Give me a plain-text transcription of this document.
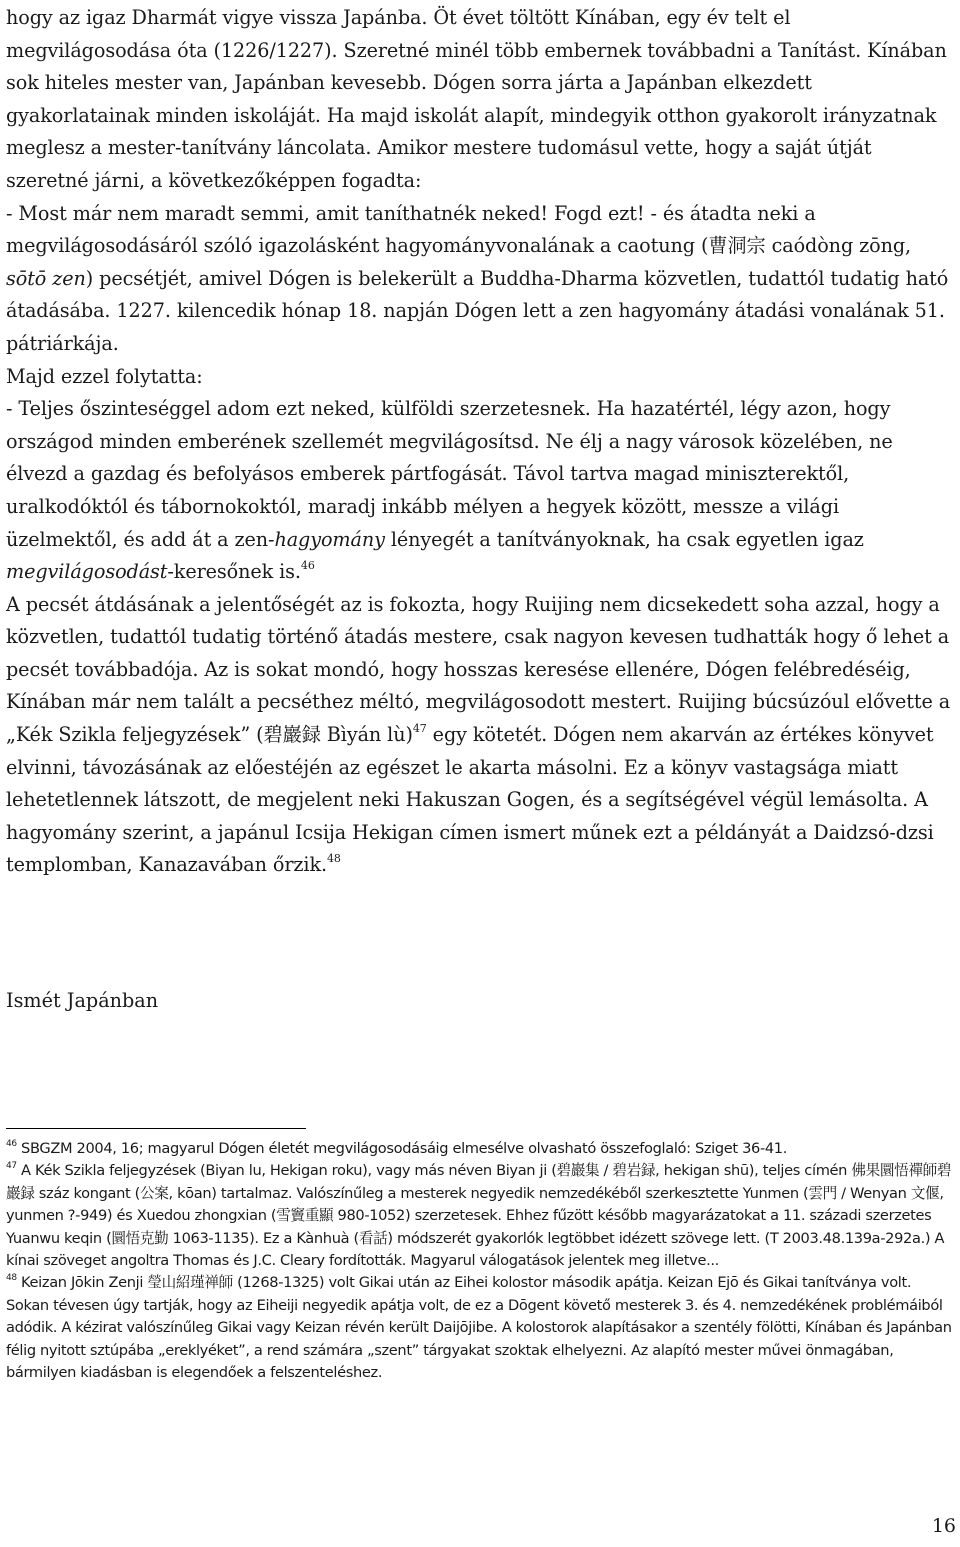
hogy az igaz Dharmát vigye vissza Japánba. Öt évet töltött Kínában, egy év telt el megvilágosodása óta (1226/1227). Szeretné minél több embernek továbbadni a Tanítást. Kínában sok hiteles mester van, Japánban kevesebb. Dógen sorra járta a Japánban elkezdett gyakorlatainak minden iskoláját. Ha majd iskolát alapít, mindegyik otthon gyakorolt irányzatnak meglesz a mester-tanítvány láncolata. Amikor mestere tudomásul vette, hogy a saját útját szeretné járni, a következőképpen fogadta:

- Most már nem maradt semmi, amit taníthatnék neked! Fogd ezt! - és átadta neki a megvilágosodásáról szóló igazolásként hagyományvonalának a caotung (曹洞宗 caódòng zōng, sōtō zen) pecsétjét, amivel Dógen is belekerült a Buddha-Dharma közvetlen, tudattól tudatig ható átadásába. 1227. kilencedik hónap 18. napján Dógen lett a zen hagyomány átadási vonalának 51. pátriárkája.

Majd ezzel folytatta:

- Teljes őszinteséggel adom ezt neked, külföldi szerzetesnek. Ha hazatértél, légy azon, hogy országod minden emberének szellemét megvilágosítsd. Ne élj a nagy városok közelében, ne élvezd a gazdag és befolyásos emberek pártfogását. Távol tartva magad miniszterektől, uralkodóktól és tábornokoktól, maradj inkább mélyen a hegyek között, messze a világi üzelmektől, és add át a zen-hagyomány lényegét a tanítványoknak, ha csak egyetlen igaz megvilágosodást-keresőnek is.$^{46}$

A pecsét átdásának a jelentőségét az is fokozta, hogy Ruijing nem dicsekedett soha azzal, hogy a közvetlen, tudattól tudatig történő átadás mestere, csak nagyon kevesen tudhatták hogy ő lehet a pecsét továbbadója. Az is sokat mondó, hogy hosszas keresése ellenére, Dógen felébredéséig, Kínában már nem talált a pecséthez méltó, megvilágosodott mestert. Ruijing búcsúzóul elővette a „Kék Szikla feljegyzések” (碧巖録 Bìyán lù)$^{47}$ egy kötetét. Dógen nem akarván az értékes könyvet elvinni, távozásának az előestéjén az egészet le akarta másolni. Ez a könyv vastagsága miatt lehetetlennek látszott, de megjelent neki Hakuszan Gogen, és a segítségével végül lemásolta. A hagyomány szerint, a japánul Icsija Hekigan címen ismert műnek ezt a példányát a Daidzsó-dzsi templomban, Kanazavában őrzik.$^{48}$

Ismét Japánban

$^{46}$ SBGZM 2004, 16; magyarul Dógen életét megvilágosodásáig elmesélve olvasható összefoglaló: Sziget 36-41.

$^{47}$ A Kék Szikla feljegyzések (Biyan lu, Hekigan roku), vagy más néven Biyan ji (碧巖集 / 碧岩録, hekigan shū), teljes címén 佛果圜悟禪師碧巖録 száz kongant (公案, kōan) tartalmaz. Valószínűleg a mesterek negyedik nemzedékéből szerkesztette Yunmen (雲門 / Wenyan 文偃, yunmen ?-949) és Xuedou zhongxian (雪竇重顯 980-1052) szerzetesek. Ehhez fűzött később magyarázatokat a 11. századi szerzetes Yuanwu keqin (圜悟克勤 1063-1135). Ez a Kànhuà (看話) módszerét gyakorlók legtöbbet idézett szövege lett. (T 2003.48.139a-292a.) A kínai szöveget angoltra Thomas és J.C. Cleary fordították. Magyarul válogatások jelentek meg illetve...

$^{48}$ Keizan Jōkin Zenji 瑩山紹瑾禅師 (1268-1325) volt Gikai után az Eihei kolostor második apátja. Keizan Ejō és Gikai tanítványa volt. Sokan tévesen úgy tartják, hogy az Eiheiji negyedik apátja volt, de ez a Dōgent követő mesterek 3. és 4. nemzedékének problémáiból adódik. A kézirat valószínűleg Gikai vagy Keizan révén került Daijōjibe. A kolostorok alapításakor a szentély fölötti, Kínában és Japánban félig nyitott sztúpába „ereklyéket”, a rend számára „szent” tárgyakat szoktak elhelyezni. Az alapító mester művei önmagában, bármilyen kiadásban is elegendőek a felszenteléshez.

16
